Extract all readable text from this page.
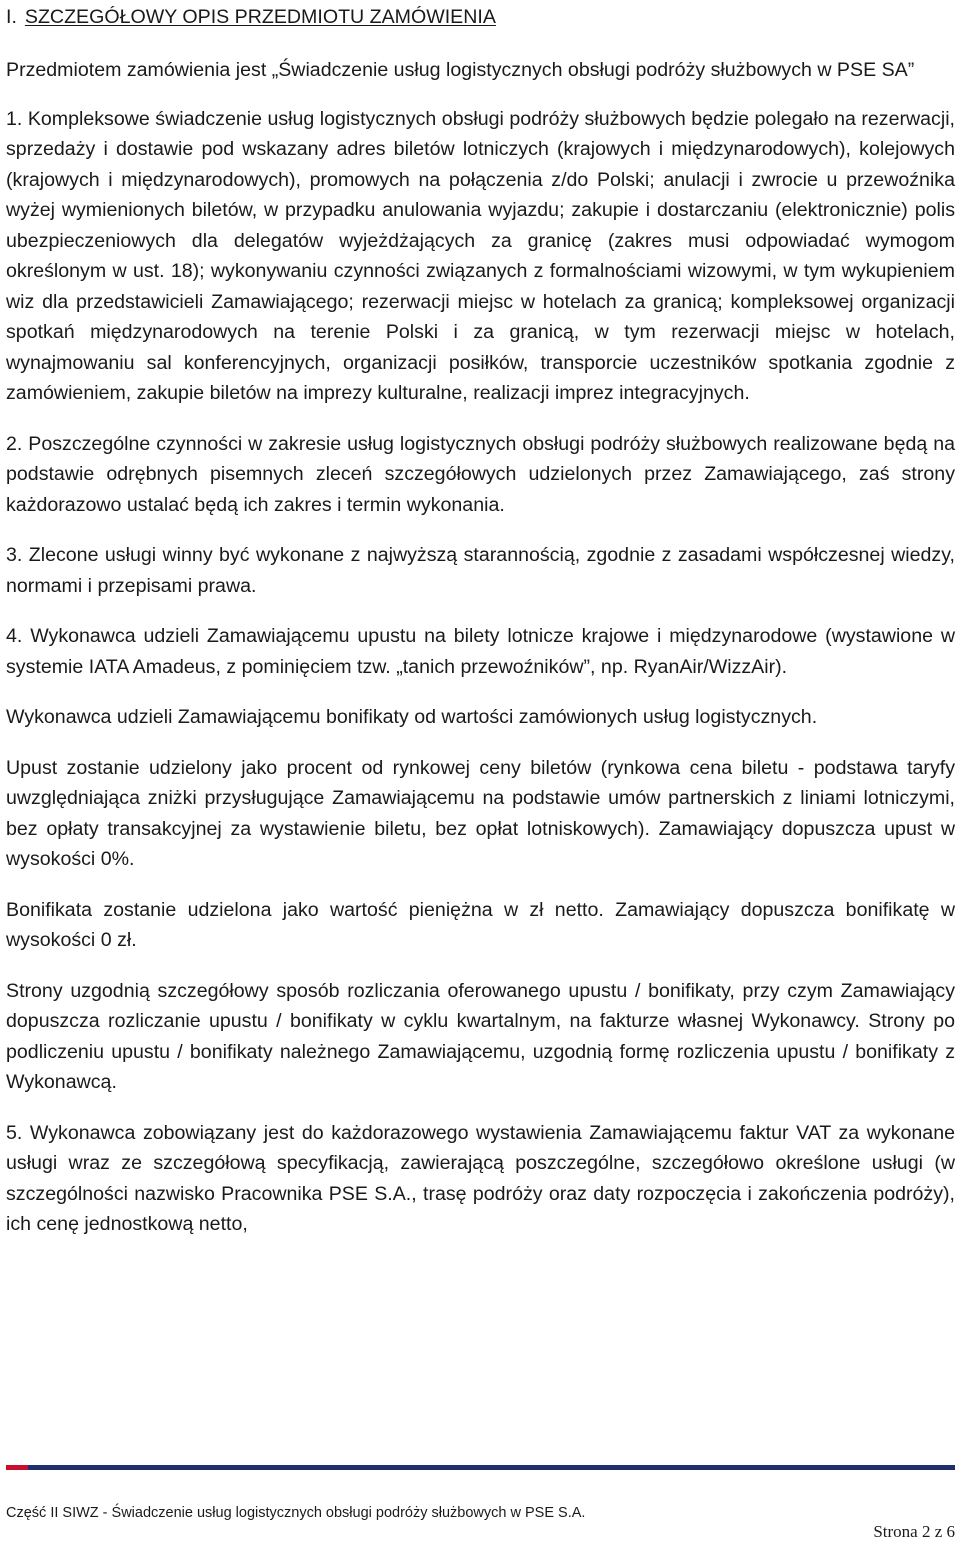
I. SZCZEGÓŁOWY OPIS PRZEDMIOTU ZAMÓWIENIA

Przedmiotem zamówienia jest „Świadczenie usług logistycznych obsługi podróży służbowych w PSE SA”

1. Kompleksowe świadczenie usług logistycznych obsługi podróży służbowych będzie polegało na rezerwacji, sprzedaży i dostawie pod wskazany adres biletów lotniczych (krajowych i międzynarodowych), kolejowych (krajowych i międzynarodowych), promowych na połączenia z/do Polski; anulacji i zwrocie u przewoźnika wyżej wymienionych biletów, w przypadku anulowania wyjazdu; zakupie i dostarczaniu (elektronicznie) polis ubezpieczeniowych dla delegatów wyjeżdżających za granicę (zakres musi odpowiadać wymogom określonym w ust. 18); wykonywaniu czynności związanych z formalnościami wizowymi, w tym wykupieniem wiz dla przedstawicieli Zamawiającego; rezerwacji miejsc w hotelach za granicą; kompleksowej organizacji spotkań międzynarodowych na terenie Polski i za granicą, w tym rezerwacji miejsc w hotelach, wynajmowaniu sal konferencyjnych, organizacji posiłków, transporcie uczestników spotkania zgodnie z zamówieniem, zakupie biletów na imprezy kulturalne, realizacji imprez integracyjnych.

2. Poszczególne czynności w zakresie usług logistycznych obsługi podróży służbowych realizowane będą na podstawie odrębnych pisemnych zleceń szczegółowych udzielonych przez Zamawiającego, zaś strony każdorazowo ustalać będą ich zakres i termin wykonania.

3. Zlecone usługi winny być wykonane z najwyższą starannością, zgodnie z zasadami współczesnej wiedzy, normami i przepisami prawa.

4. Wykonawca udzieli Zamawiającemu upustu na bilety lotnicze krajowe i międzynarodowe (wystawione w systemie IATA Amadeus, z pominięciem tzw. „tanich przewoźników”, np. RyanAir/WizzAir).

Wykonawca udzieli Zamawiającemu bonifikaty od wartości zamówionych usług logistycznych.

Upust zostanie udzielony jako procent od rynkowej ceny biletów (rynkowa cena biletu - podstawa taryfy uwzględniająca zniżki przysługujące Zamawiającemu na podstawie umów partnerskich z liniami lotniczymi, bez opłaty transakcyjnej za wystawienie biletu, bez opłat lotniskowych). Zamawiający dopuszcza upust w wysokości 0%.

Bonifikata zostanie udzielona jako wartość pieniężna w zł netto. Zamawiający dopuszcza bonifikatę w wysokości 0 zł.

Strony uzgodnią szczegółowy sposób rozliczania oferowanego upustu / bonifikaty, przy czym Zamawiający dopuszcza rozliczanie upustu / bonifikaty w cyklu kwartalnym, na fakturze własnej Wykonawcy. Strony po podliczeniu upustu / bonifikaty należnego Zamawiającemu, uzgodnią formę rozliczenia upustu / bonifikaty z Wykonawcą.

5. Wykonawca zobowiązany jest do każdorazowego wystawienia Zamawiającemu faktur VAT za wykonane usługi wraz ze szczegółową specyfikacją, zawierającą poszczególne, szczegółowo określone usługi (w szczególności nazwisko Pracownika PSE S.A., trasę podróży oraz daty rozpoczęcia i zakończenia podróży), ich cenę jednostkową netto,

Część II SIWZ - Świadczenie usług logistycznych obsługi podróży służbowych w PSE S.A.
Strona 2 z 6
